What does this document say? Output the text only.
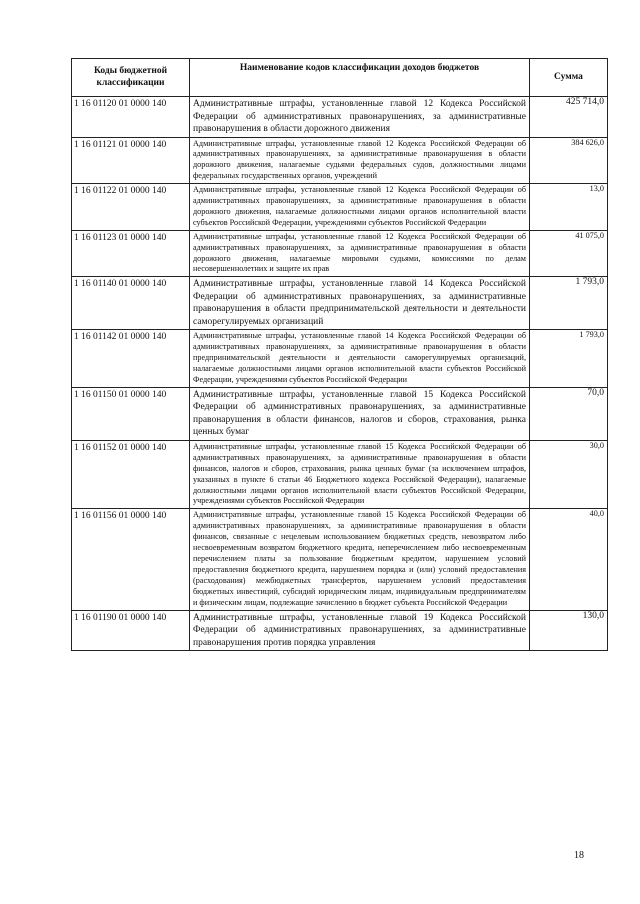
Коды бюджетной классификации	Наименование кодов классификации доходов бюджетов	Сумма
1 16 01120 01 0000 140	Административные штрафы, установленные главой 12 Кодекса Российской Федерации об административных правонарушениях, за административные правонарушения в области дорожного движения	425 714,0
1 16 01121 01 0000 140	Административные штрафы, установленные главой 12 Кодекса Российской Федерации об административных правонарушениях, за административные правонарушения в области дорожного движения, налагаемые судьями федеральных судов, должностными лицами федеральных государственных органов, учреждений	384 626,0
1 16 01122 01 0000 140	Административные штрафы, установленные главой 12 Кодекса Российской Федерации об административных правонарушениях, за административные правонарушения в области дорожного движения, налагаемые должностными лицами органов исполнительной власти субъектов Российской Федерации, учреждениями субъектов Российской Федерации	13,0
1 16 01123 01 0000 140	Административные штрафы, установленные главой 12 Кодекса Российской Федерации об административных правонарушениях, за административные правонарушения в области дорожного движения, налагаемые мировыми судьями, комиссиями по делам несовершеннолетних и защите их прав	41 075,0
1 16 01140 01 0000 140	Административные штрафы, установленные главой 14 Кодекса Российской Федерации об административных правонарушениях, за административные правонарушения в области предпринимательской деятельности и деятельности саморегулируемых организаций	1 793,0
1 16 01142 01 0000 140	Административные штрафы, установленные главой 14 Кодекса Российской Федерации об административных правонарушениях, за административные правонарушения в области предпринимательской деятельности и деятельности саморегулируемых организаций, налагаемые должностными лицами органов исполнительной власти субъектов Российской Федерации, учреждениями субъектов Российской Федерации	1 793,0
1 16 01150 01 0000 140	Административные штрафы, установленные главой 15 Кодекса Российской Федерации об административных правонарушениях, за административные правонарушения в области финансов, налогов и сборов, страхования, рынка ценных бумаг	70,0
1 16 01152 01 0000 140	Административные штрафы, установленные главой 15 Кодекса Российской Федерации об административных правонарушениях, за административные правонарушения в области финансов, налогов и сборов, страхования, рынка ценных бумаг (за исключением штрафов, указанных в пункте 6 статьи 46 Бюджетного кодекса Российской Федерации), налагаемые должностными лицами органов исполнительной власти субъектов Российской Федерации, учреждениями субъектов Российской Федерации	30,0
1 16 01156 01 0000 140	Административные штрафы, установленные главой 15 Кодекса Российской Федерации об административных правонарушениях, за административные правонарушения в области финансов, связанные с нецелевым использованием бюджетных средств, невозвратом либо несвоевременным возвратом бюджетного кредита, неперечислением либо несвоевременным перечислением платы за пользование бюджетным кредитом, нарушением условий предоставления бюджетного кредита, нарушением порядка и (или) условий предоставления (расходования) межбюджетных трансфертов, нарушением условий предоставления бюджетных инвестиций, субсидий юридическим лицам, индивидуальным предпринимателям и физическим лицам, подлежащие зачислению в бюджет субъекта Российской Федерации	40,0
1 16 01190 01 0000 140	Административные штрафы, установленные главой 19 Кодекса Российской Федерации об административных правонарушениях, за административные правонарушения против порядка управления	130,0
18
